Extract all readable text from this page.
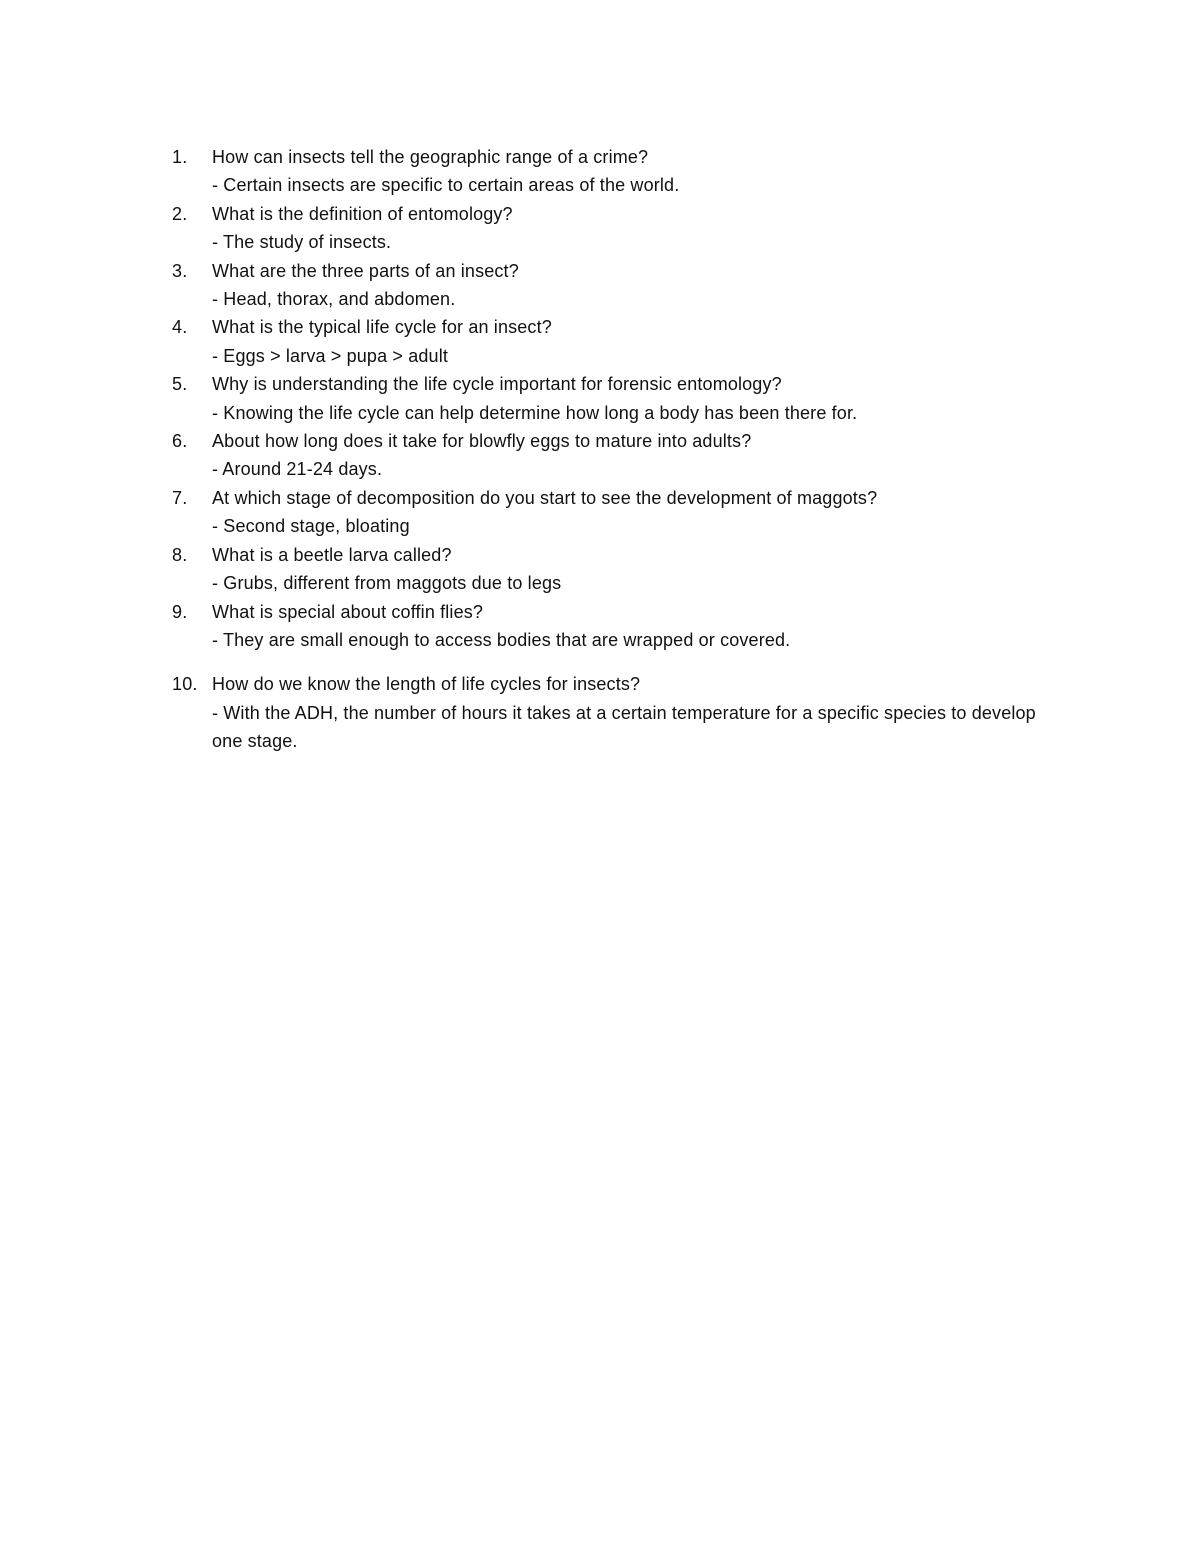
1. How can insects tell the geographic range of a crime?
- Certain insects are specific to certain areas of the world.
2. What is the definition of entomology?
- The study of insects.
3. What are the three parts of an insect?
- Head, thorax, and abdomen.
4. What is the typical life cycle for an insect?
- Eggs > larva > pupa > adult
5. Why is understanding the life cycle important for forensic entomology?
- Knowing the life cycle can help determine how long a body has been there for.
6. About how long does it take for blowfly eggs to mature into adults?
- Around 21-24 days.
7. At which stage of decomposition do you start to see the development of maggots?
- Second stage, bloating
8. What is a beetle larva called?
- Grubs, different from maggots due to legs
9. What is special about coffin flies?
- They are small enough to access bodies that are wrapped or covered.
10. How do we know the length of life cycles for insects?
- With the ADH, the number of hours it takes at a certain temperature for a specific species to develop one stage.
